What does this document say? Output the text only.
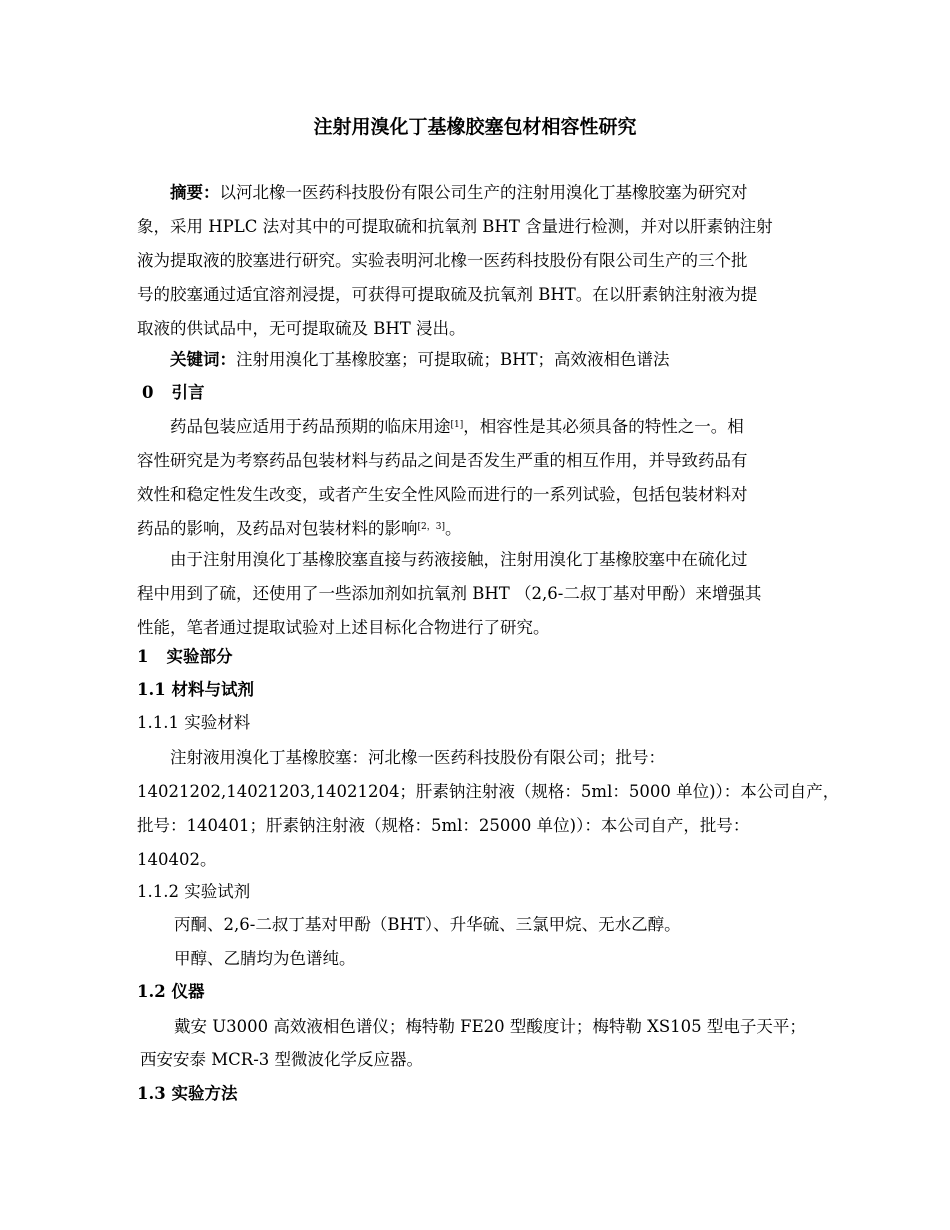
注射用溴化丁基橡胶塞包材相容性研究
摘要：以河北橡一医药科技股份有限公司生产的注射用溴化丁基橡胶塞为研究对
象，采用 HPLC 法对其中的可提取硫和抗氧剂 BHT 含量进行检测，并对以肝素钠注射
液为提取液的胶塞进行研究。实验表明河北橡一医药科技股份有限公司生产的三个批
号的胶塞通过适宜溶剂浸提，可获得可提取硫及抗氧剂 BHT。在以肝素钠注射液为提
取液的供试品中，无可提取硫及 BHT 浸出。
关键词：注射用溴化丁基橡胶塞；可提取硫；BHT；高效液相色谱法
0 引言
药品包装应适用于药品预期的临床用途[1]，相容性是其必须具备的特性之一。相
容性研究是为考察药品包装材料与药品之间是否发生严重的相互作用，并导致药品有
效性和稳定性发生改变，或者产生安全性风险而进行的一系列试验，包括包装材料对
药品的影响，及药品对包装材料的影响[2，3]。
由于注射用溴化丁基橡胶塞直接与药液接触，注射用溴化丁基橡胶塞中在硫化过
程中用到了硫，还使用了一些添加剂如抗氧剂 BHT （2,6-二叔丁基对甲酚）来增强其
性能，笔者通过提取试验对上述目标化合物进行了研究。
1 实验部分
1.1 材料与试剂
1.1.1 实验材料
注射液用溴化丁基橡胶塞：河北橡一医药科技股份有限公司；批号：
14021202,14021203,14021204；肝素钠注射液（规格：5ml：5000 单位)）：本公司自产，
批号：140401；肝素钠注射液（规格：5ml：25000 单位)）：本公司自产，批号：
140402。
1.1.2 实验试剂
丙酮、2,6-二叔丁基对甲酚（BHT）、升华硫、三氯甲烷、无水乙醇。
甲醇、乙腈均为色谱纯。
1.2 仪器
戴安 U3000 高效液相色谱仪；梅特勒 FE20 型酸度计；梅特勒 XS105 型电子天平；
西安安泰 MCR-3 型微波化学反应器。
1.3 实验方法
